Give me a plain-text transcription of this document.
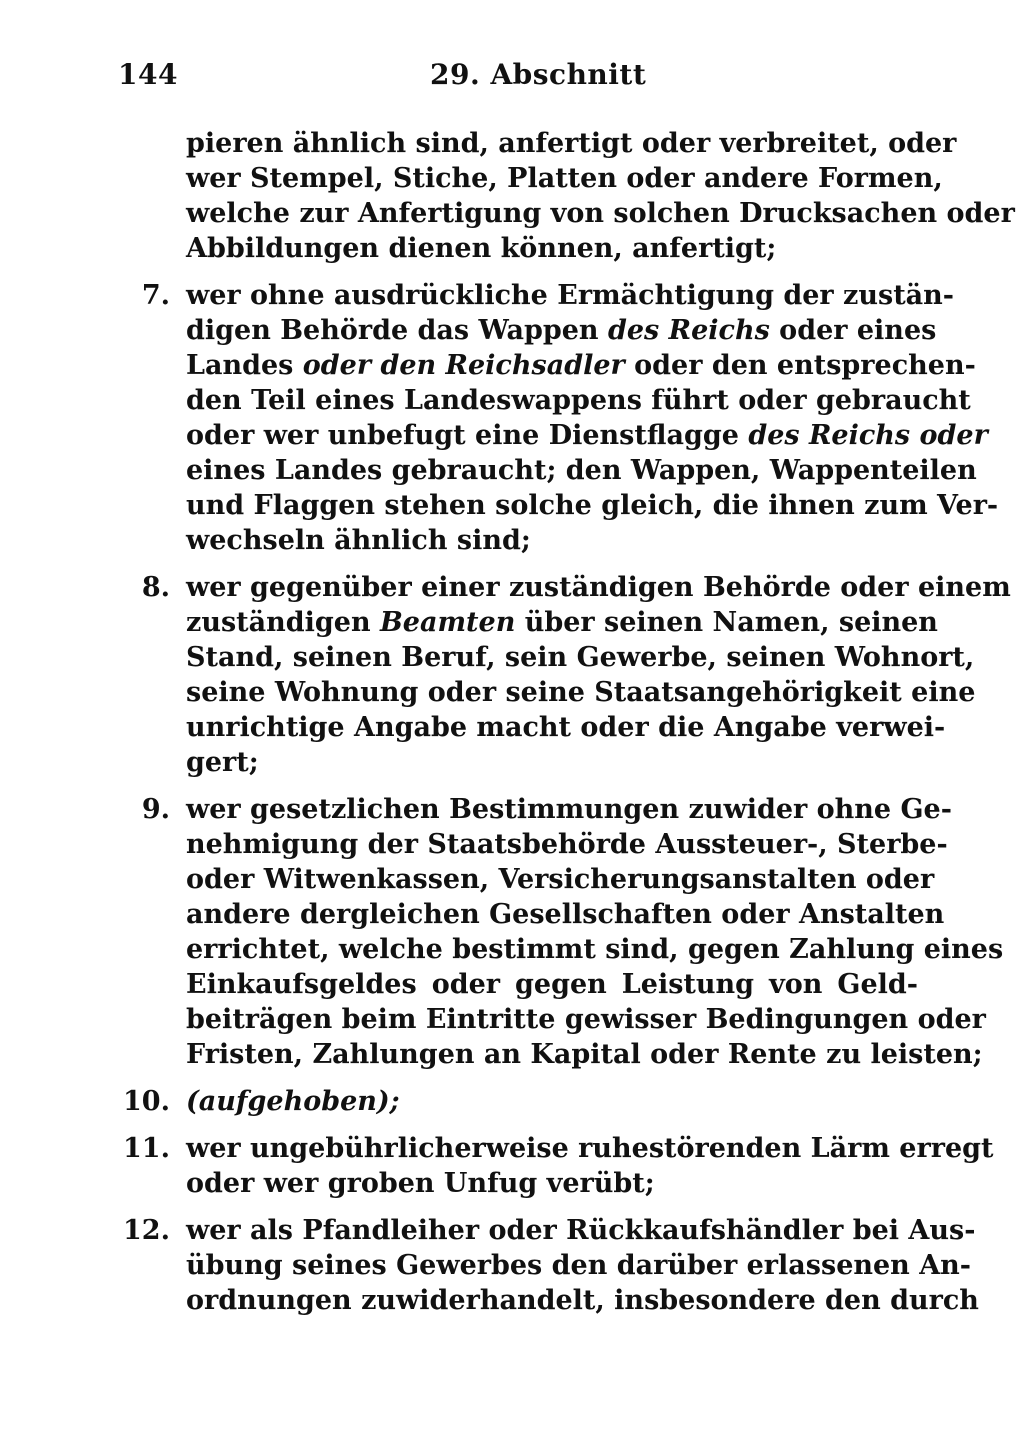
144	29. Abschnitt
pieren ähnlich sind, anfertigt oder verbreitet, oder
wer Stempel, Stiche, Platten oder andere Formen,
welche zur Anfertigung von solchen Drucksachen oder
Abbildungen dienen können, anfertigt;
7. wer ohne ausdrückliche Ermächtigung der zustän-
digen Behörde das Wappen des Reichs oder eines
Landes oder den Reichsadler oder den entsprechen-
den Teil eines Landeswappens führt oder gebraucht
oder wer unbefugt eine Dienstflagge des Reichs oder
eines Landes gebraucht; den Wappen, Wappenteilen
und Flaggen stehen solche gleich, die ihnen zum Ver-
wechseln ähnlich sind;
8. wer gegenüber einer zuständigen Behörde oder einem
zuständigen Beamten über seinen Namen, seinen
Stand, seinen Beruf, sein Gewerbe, seinen Wohnort,
seine Wohnung oder seine Staatsangehörigkeit eine
unrichtige Angabe macht oder die Angabe verwei-
gert;
9. wer gesetzlichen Bestimmungen zuwider ohne Ge-
nehmigung der Staatsbehörde Aussteuer-, Sterbe-
oder Witwenkassen, Versicherungsanstalten oder
andere dergleichen Gesellschaften oder Anstalten
errichtet, welche bestimmt sind, gegen Zahlung eines
Einkaufsgeldes oder gegen Leistung von Geld-
beiträgen beim Eintritte gewisser Bedingungen oder
Fristen, Zahlungen an Kapital oder Rente zu leisten;
10. (aufgehoben);
11. wer ungebührlicherweise ruhestörenden Lärm erregt
oder wer groben Unfug verübt;
12. wer als Pfandleiher oder Rückkaufshändler bei Aus-
übung seines Gewerbes den darüber erlassenen An-
ordnungen zuwiderhandelt, insbesondere den durch
